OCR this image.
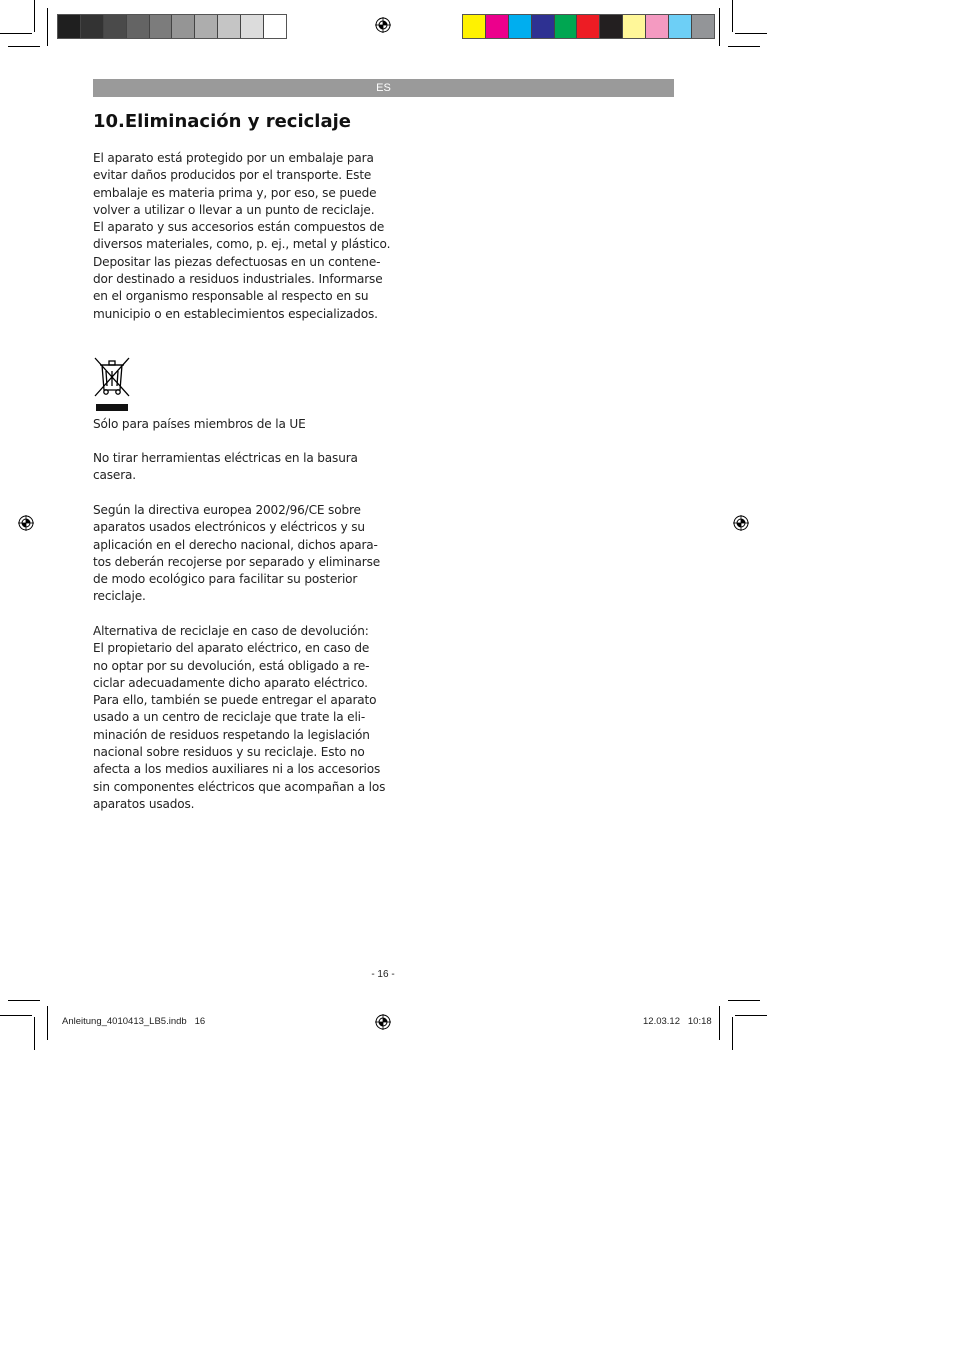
ES
10.Eliminación y reciclaje
El aparato está protegido por un embalaje para
evitar daños producidos por el transporte. Este
embalaje es materia prima y, por eso, se puede
volver a utilizar o llevar a un punto de reciclaje.
El aparato y sus accesorios están compuestos de
diversos materiales, como, p. ej., metal y plástico.
Depositar las piezas defectuosas en un contene-
dor destinado a residuos industriales. Informarse
en el organismo responsable al respecto en su
municipio o en establecimientos especializados.
Sólo para países miembros de la UE
No tirar herramientas eléctricas en la basura
casera.
Según la directiva europea 2002/96/CE sobre
aparatos usados electrónicos y eléctricos y su
aplicación en el derecho nacional, dichos apara-
tos deberán recojerse por separado y eliminarse
de modo ecológico para facilitar su posterior
reciclaje.
Alternativa de reciclaje en caso de devolución:
El propietario del aparato eléctrico, en caso de
no optar por su devolución, está obligado a re-
ciclar adecuadamente dicho aparato eléctrico.
Para ello, también se puede entregar el aparato
usado a un centro de reciclaje que trate la eli-
minación de residuos respetando la legislación
nacional sobre residuos y su reciclaje. Esto no
afecta a los medios auxiliares ni a los accesorios
sin componentes eléctricos que acompañan a los
aparatos usados.
- 16 -
Anleitung_4010413_LB5.indb   16	12.03.12   10:18
